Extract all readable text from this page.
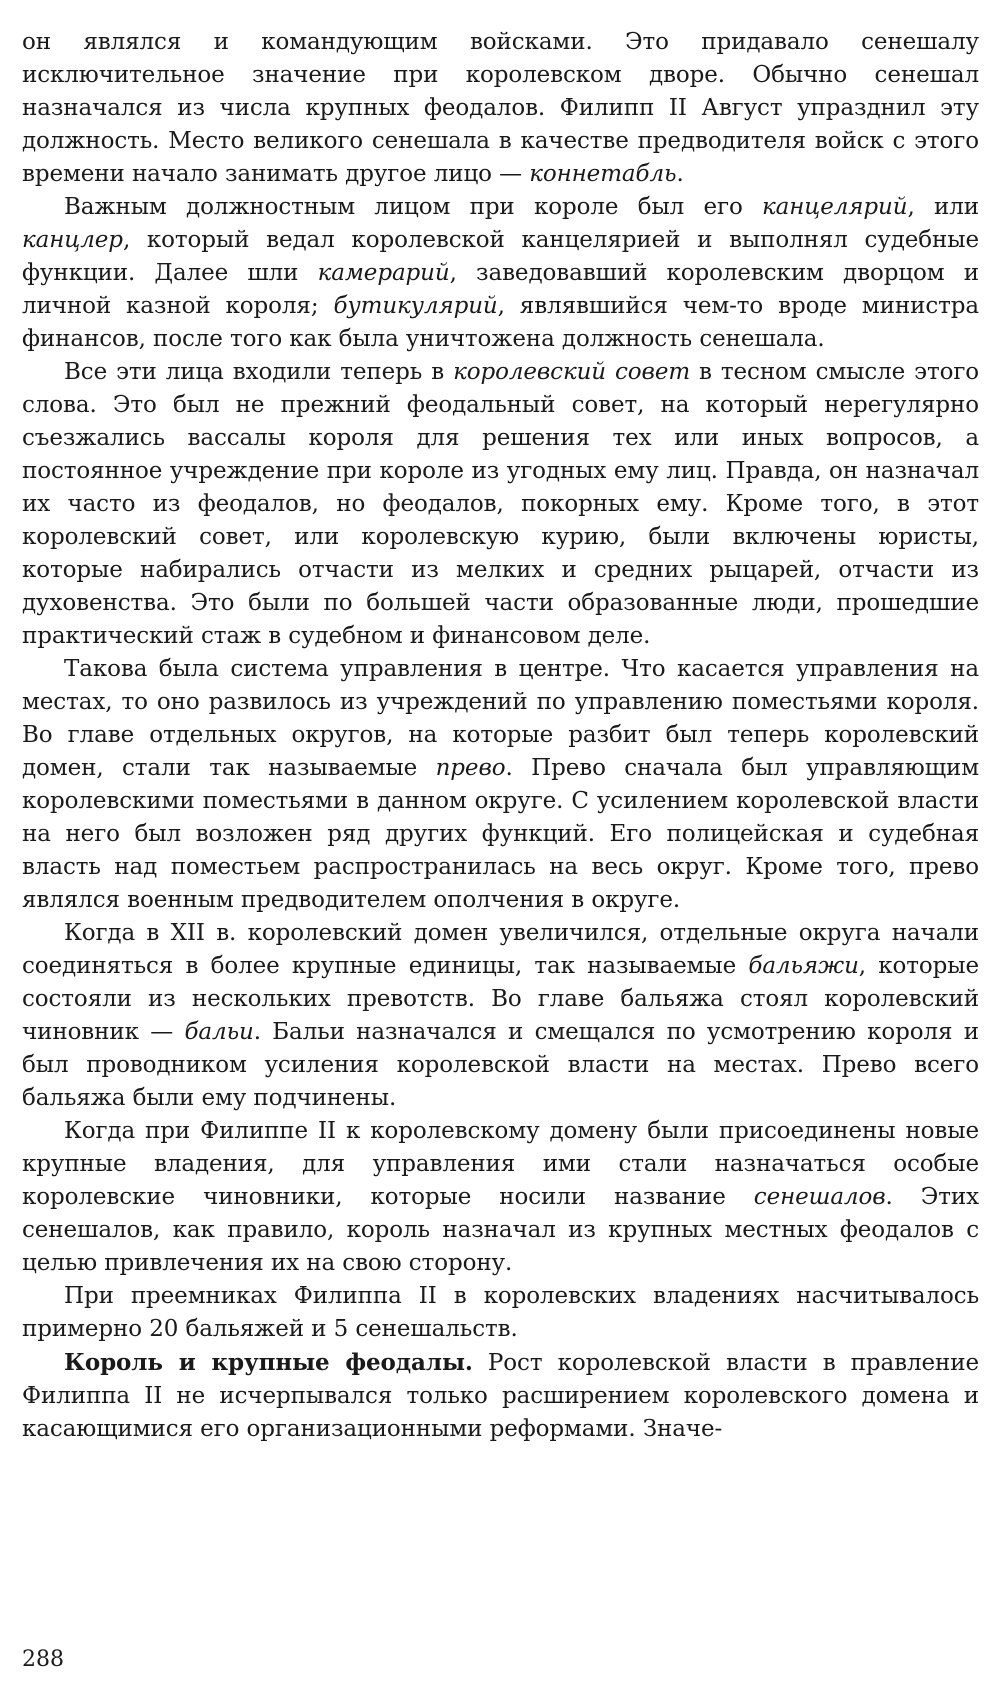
он являлся и командующим войсками. Это придавало сенешалу исключительное значение при королевском дворе. Обычно сенешал назначался из числа крупных феодалов. Филипп II Август упразднил эту должность. Место великого сенешала в качестве предводителя войск с этого времени начало занимать другое лицо — коннетабль.

Важным должностным лицом при короле был его канцелярий, или канцлер, который ведал королевской канцелярией и выполнял судебные функции. Далее шли камерарий, заведовавший королевским дворцом и личной казной короля; бутикулярий, являвшийся чем-то вроде министра финансов, после того как была уничтожена должность сенешала.

Все эти лица входили теперь в королевский совет в тесном смысле этого слова. Это был не прежний феодальный совет, на который нерегулярно съезжались вассалы короля для решения тех или иных вопросов, а постоянное учреждение при короле из угодных ему лиц. Правда, он назначал их часто из феодалов, но феодалов, покорных ему. Кроме того, в этот королевский совет, или королевскую курию, были включены юристы, которые набирались отчасти из мелких и средних рыцарей, отчасти из духовенства. Это были по большей части образованные люди, прошедшие практический стаж в судебном и финансовом деле.

Такова была система управления в центре. Что касается управления на местах, то оно развилось из учреждений по управлению поместьями короля. Во главе отдельных округов, на которые разбит был теперь королевский домен, стали так называемые прево. Прево сначала был управляющим королевскими поместьями в данном округе. С усилением королевской власти на него был возложен ряд других функций. Его полицейская и судебная власть над поместьем распространилась на весь округ. Кроме того, прево являлся военным предводителем ополчения в округе.

Когда в XII в. королевский домен увеличился, отдельные округа начали соединяться в более крупные единицы, так называемые бальяжи, которые состояли из нескольких превотств. Во главе бальяжа стоял королевский чиновник — бальи. Бальи назначался и смещался по усмотрению короля и был проводником усиления королевской власти на местах. Прево всего бальяжа были ему подчинены.

Когда при Филиппе II к королевскому домену были присоединены новые крупные владения, для управления ими стали назначаться особые королевские чиновники, которые носили название сенешалов. Этих сенешалов, как правило, король назначал из крупных местных феодалов с целью привлечения их на свою сторону.

При преемниках Филиппа II в королевских владениях насчитывалось примерно 20 бальяжей и 5 сенешальств.

Король и крупные феодалы. Рост королевской власти в правление Филиппа II не исчерпывался только расширением королевского домена и касающимися его организационными реформами. Значе-

288
